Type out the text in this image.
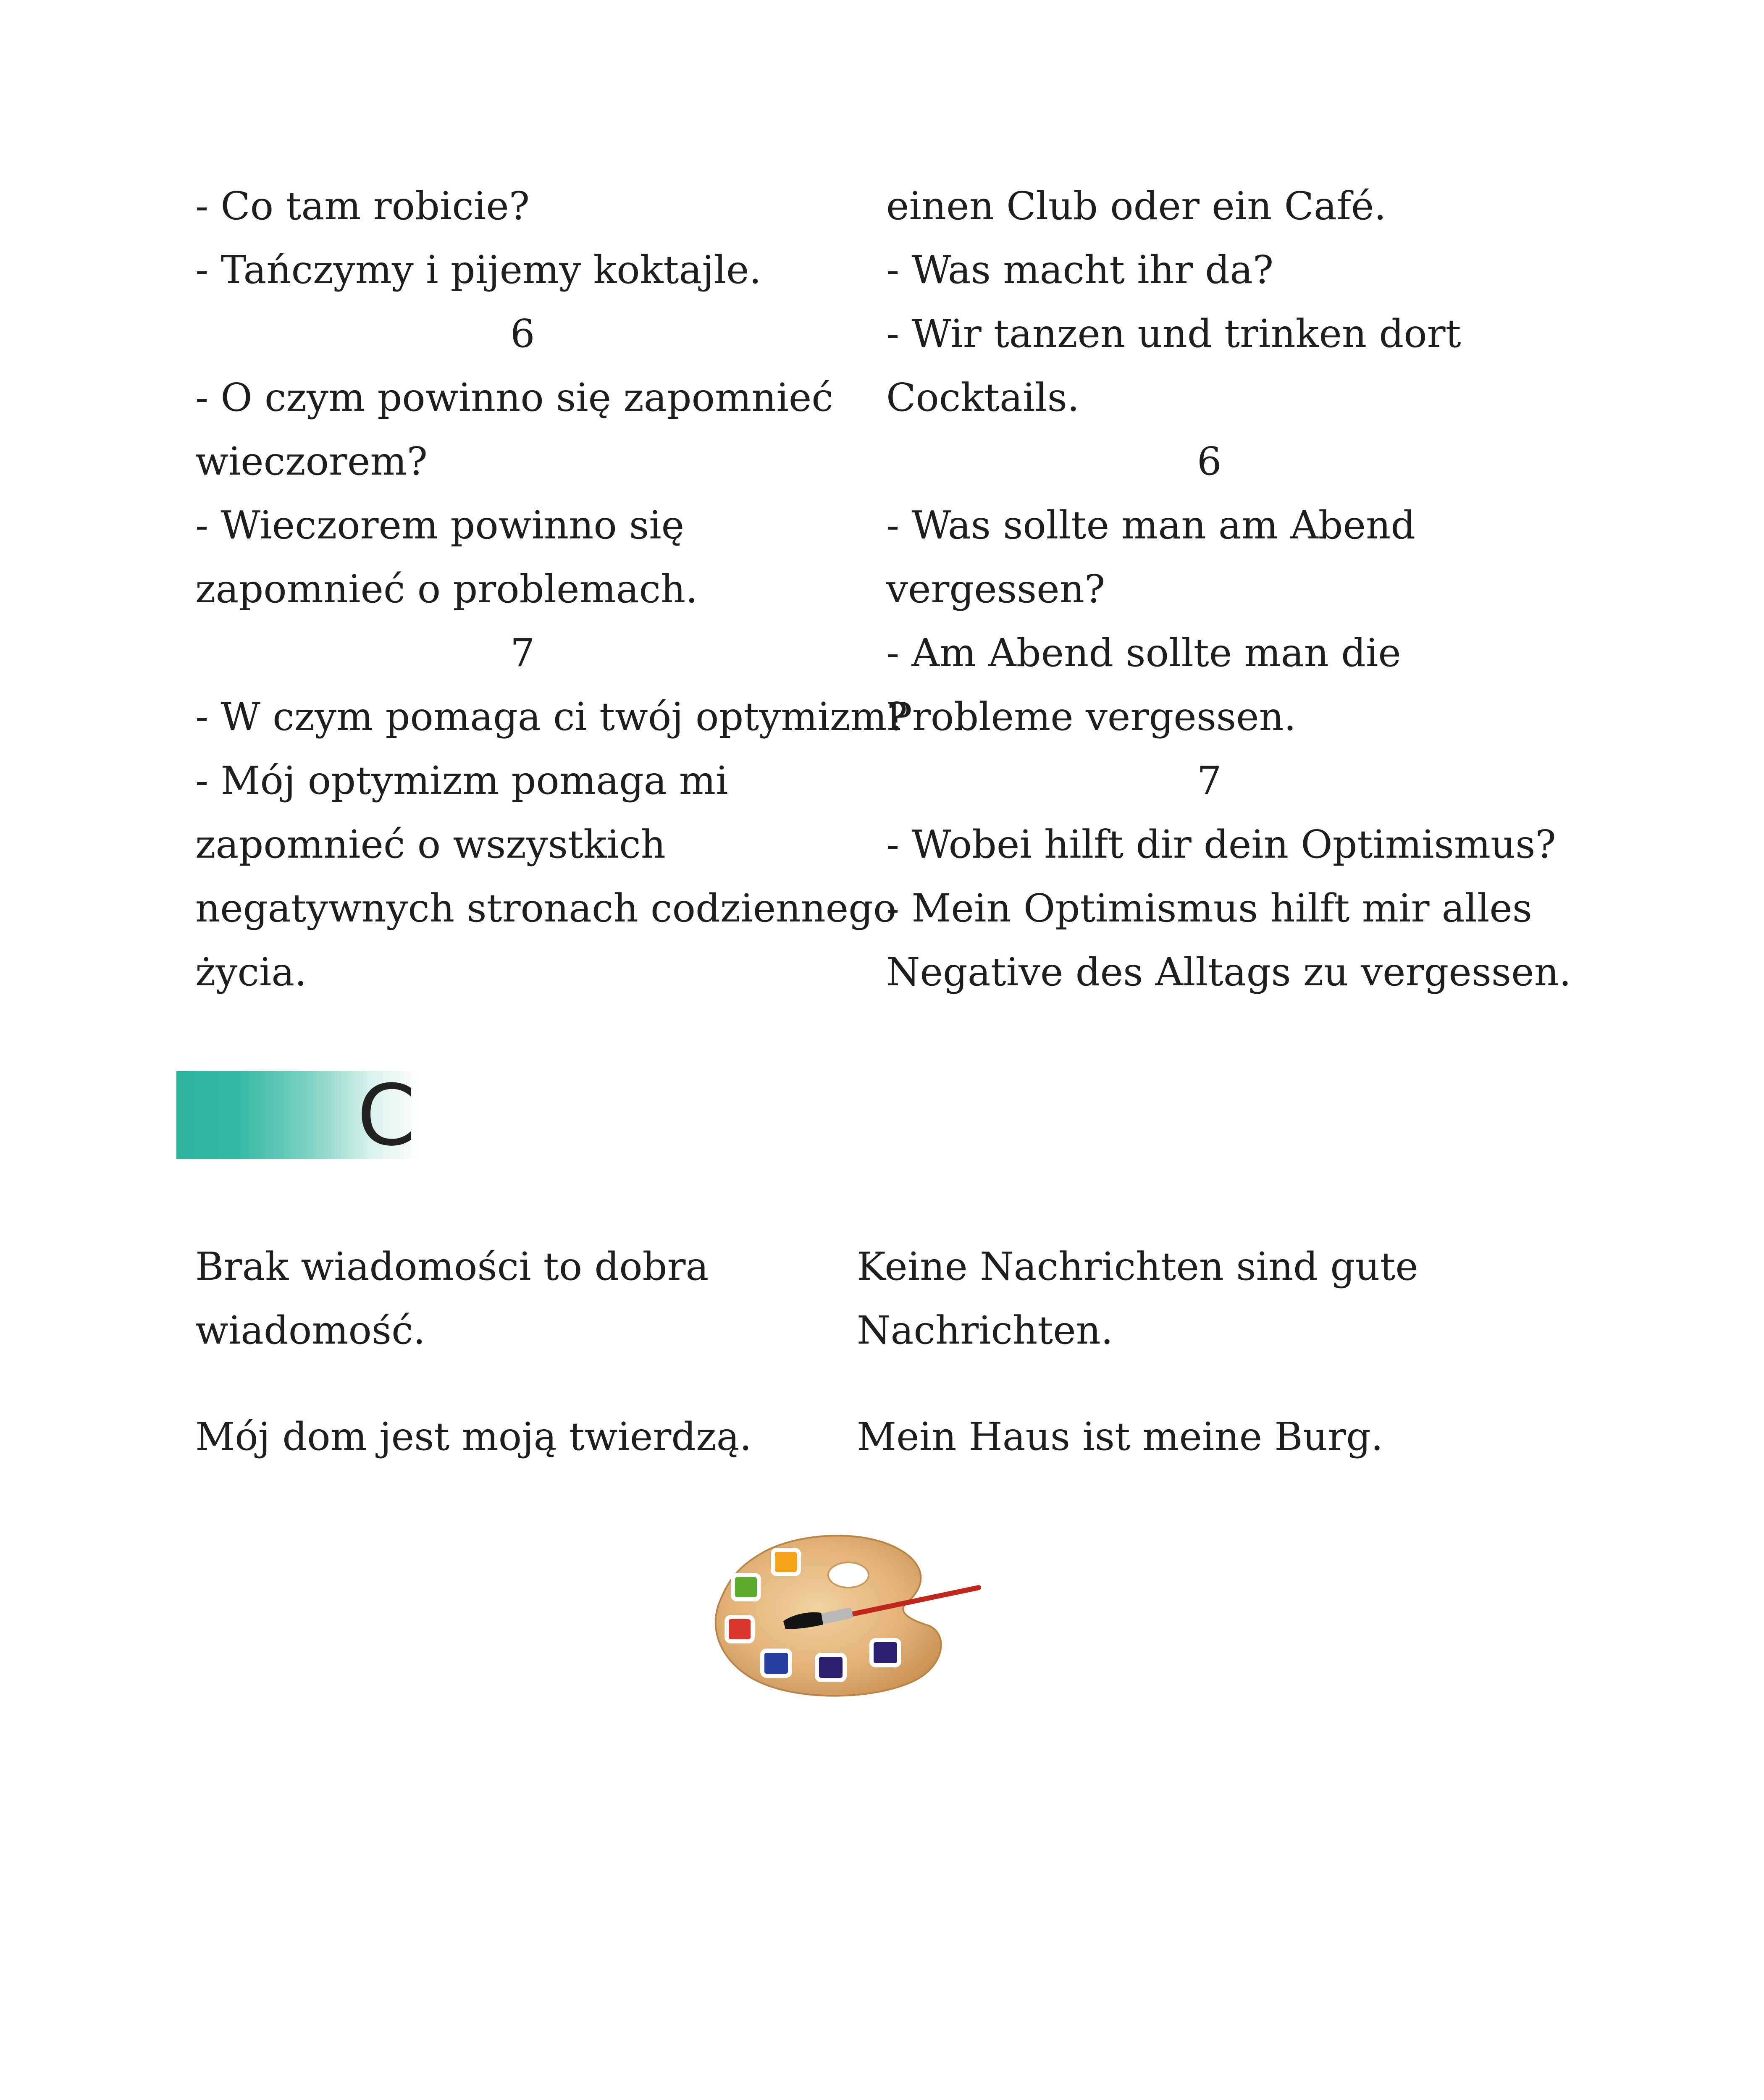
- Co tam robicie?
- Tańczymy i pijemy koktajle.
6
- O czym powinno się zapomnieć
wieczorem?
- Wieczorem powinno się
zapomnieć o problemach.
7
- W czym pomaga ci twój optymizm?
- Mój optymizm pomaga mi
zapomnieć o wszystkich
negatywnych stronach codziennego
życia.
einen Club oder ein Café.
- Was macht ihr da?
- Wir tanzen und trinken dort
Cocktails.
6
- Was sollte man am Abend
vergessen?
- Am Abend sollte man die
Probleme vergessen.
7
- Wobei hilft dir dein Optimismus?
- Mein Optimismus hilft mir alles
Negative des Alltags zu vergessen.
C
Brak wiadomości to dobra
wiadomość.
Keine Nachrichten sind gute
Nachrichten.
Mój dom jest moją twierdzą.	Mein Haus ist meine Burg.
